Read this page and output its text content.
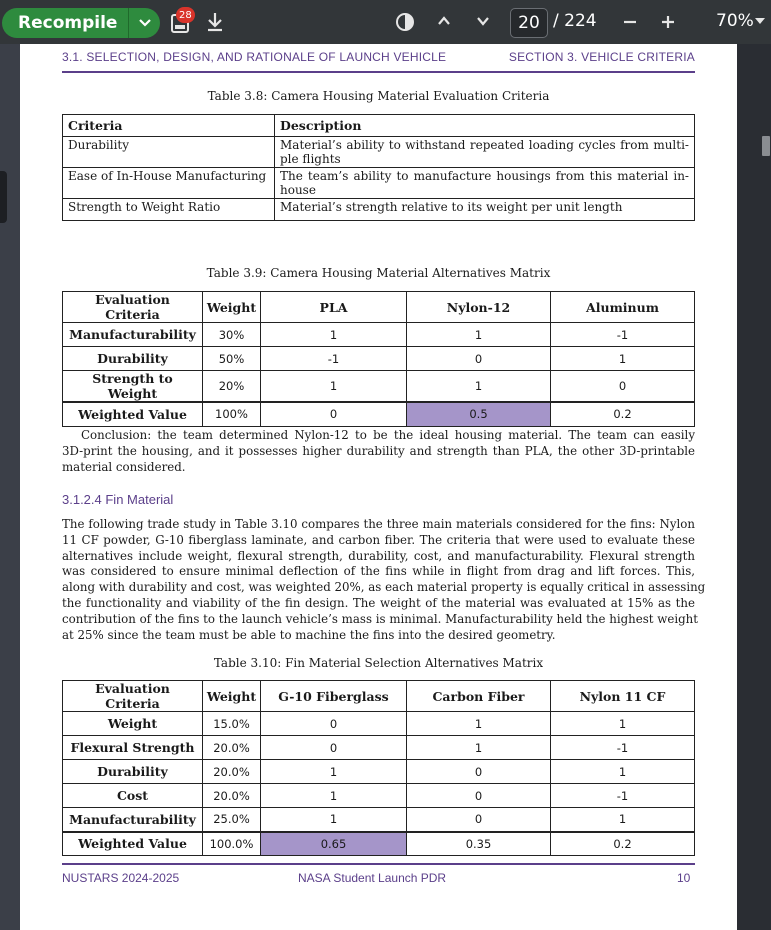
Recompile	28	20 / 224	70%
3.1. SELECTION, DESIGN, AND RATIONALE OF LAUNCH VEHICLE	SECTION 3. VEHICLE CRITERIA
Table 3.8: Camera Housing Material Evaluation Criteria
Criteria	Description
Durability	Material’s ability to withstand repeated loading cycles from multi-
ple flights

Ease of In-House Manufacturing	The team’s ability to manufacture housings from this material in-
house

Strength to Weight Ratio	Material’s strength relative to its weight per unit length
Table 3.9: Camera Housing Material Alternatives Matrix
Evaluation Criteria	Weight	PLA	Nylon-12	Aluminum
Manufacturability	30%	1	1	-1
Durability	50%	-1	0	1
Strength to Weight	20%	1	1	0
Weighted Value	100%	0	0.5	0.2
Conclusion: the team determined Nylon-12 to be the ideal housing material. The team can easily
3D-print the housing, and it possesses higher durability and strength than PLA, the other 3D-printable
material considered.
3.1.2.4 Fin Material
The following trade study in Table 3.10 compares the three main materials considered for the fins: Nylon
11 CF powder, G-10 fiberglass laminate, and carbon fiber. The criteria that were used to evaluate these
alternatives include weight, flexural strength, durability, cost, and manufacturability. Flexural strength
was considered to ensure minimal deflection of the fins while in flight from drag and lift forces. This,
along with durability and cost, was weighted 20%, as each material property is equally critical in assessing
the functionality and viability of the fin design. The weight of the material was evaluated at 15% as the
contribution of the fins to the launch vehicle’s mass is minimal. Manufacturability held the highest weight
at 25% since the team must be able to machine the fins into the desired geometry.
Table 3.10: Fin Material Selection Alternatives Matrix
Evaluation Criteria	Weight	G-10 Fiberglass	Carbon Fiber	Nylon 11 CF
Weight	15.0%	0	1	1
Flexural Strength	20.0%	0	1	-1
Durability	20.0%	1	0	1
Cost	20.0%	1	0	-1
Manufacturability	25.0%	1	0	1
Weighted Value	100.0%	0.65	0.35	0.2
NUSTARS 2024-2025	NASA Student Launch PDR	10
